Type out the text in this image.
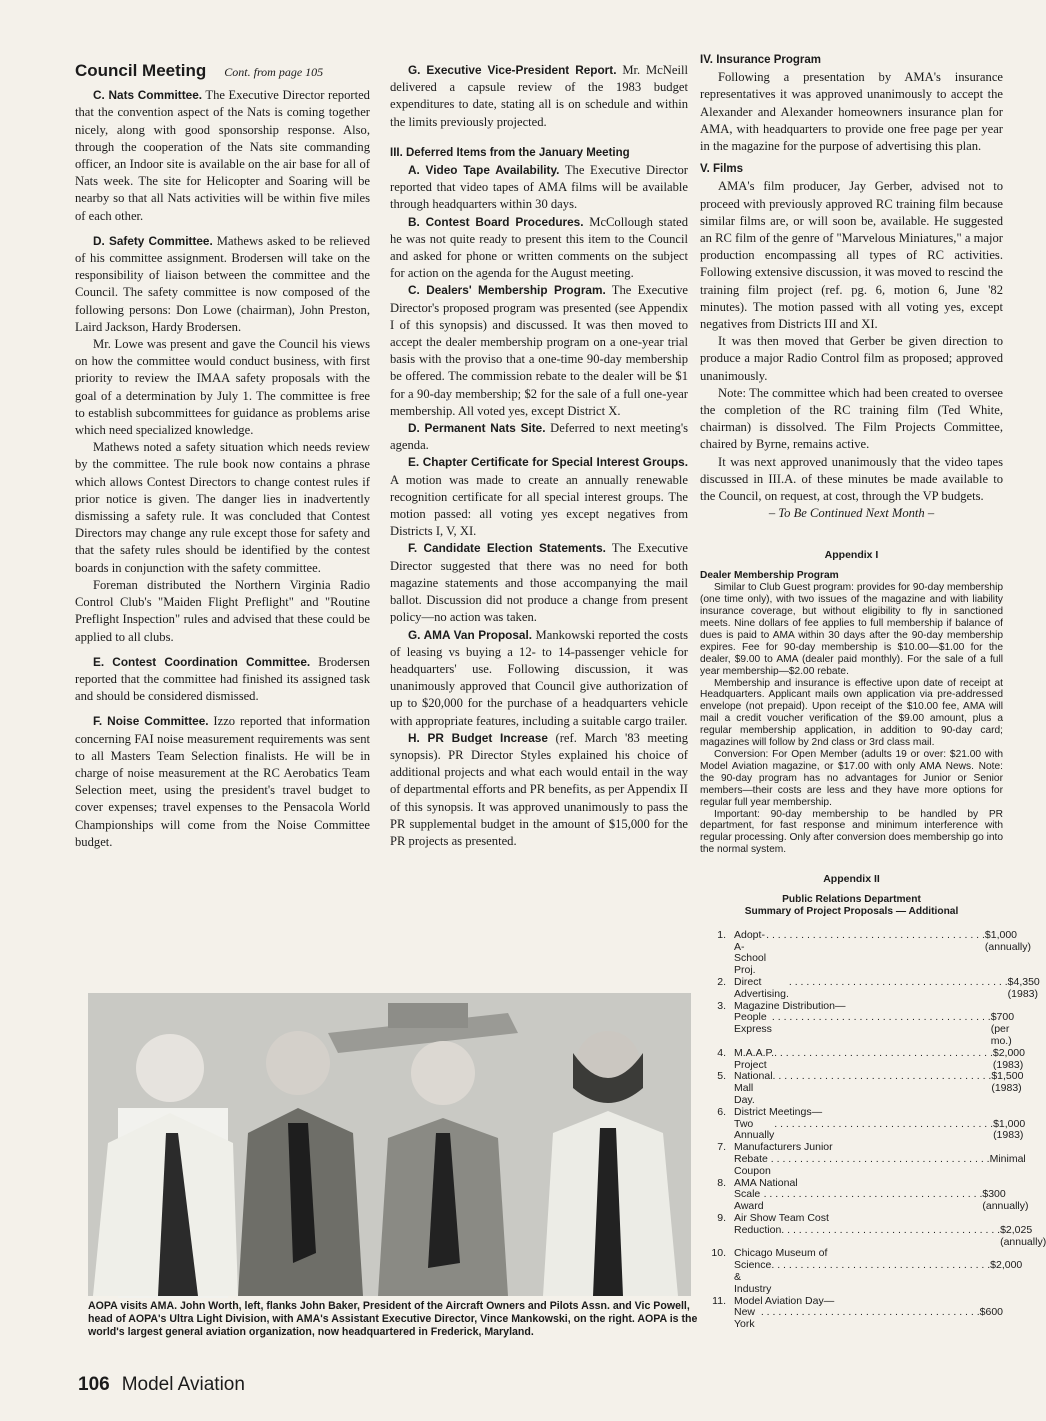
Council Meeting Cont. from page 105

C. Nats Committee. The Executive Director reported that the convention aspect of the Nats is coming together nicely, along with good sponsorship response. Also, through the cooperation of the Nats site commanding officer, an Indoor site is available on the air base for all of Nats week. The site for Helicopter and Soaring will be nearby so that all Nats activities will be within five miles of each other.

D. Safety Committee. Mathews asked to be relieved of his committee assignment. Brodersen will take on the responsibility of liaison between the committee and the Council. The safety committee is now composed of the following persons: Don Lowe (chairman), John Preston, Laird Jackson, Hardy Brodersen.

Mr. Lowe was present and gave the Council his views on how the committee would conduct business, with first priority to review the IMAA safety proposals with the goal of a determination by July 1. The committee is free to establish subcommittees for guidance as problems arise which need specialized knowledge.

Mathews noted a safety situation which needs review by the committee. The rule book now contains a phrase which allows Contest Directors to change contest rules if prior notice is given. The danger lies in inadvertently dismissing a safety rule. It was concluded that Contest Directors may change any rule except those for safety and that the safety rules should be identified by the contest boards in conjunction with the safety committee.

Foreman distributed the Northern Virginia Radio Control Club's "Maiden Flight Preflight" and "Routine Preflight Inspection" rules and advised that these could be applied to all clubs.

E. Contest Coordination Committee. Brodersen reported that the committee had finished its assigned task and should be considered dismissed.

F. Noise Committee. Izzo reported that information concerning FAI noise measurement requirements was sent to all Masters Team Selection finalists. He will be in charge of noise measurement at the RC Aerobatics Team Selection meet, using the president's travel budget to cover expenses; travel expenses to the Pensacola World Championships will come from the Noise Committee budget.

G. Executive Vice-President Report. Mr. McNeill delivered a capsule review of the 1983 budget expenditures to date, stating all is on schedule and within the limits previously projected.

III. Deferred Items from the January Meeting

A. Video Tape Availability. The Executive Director reported that video tapes of AMA films will be available through headquarters within 30 days.

B. Contest Board Procedures. McCollough stated he was not quite ready to present this item to the Council and asked for phone or written comments on the subject for action on the agenda for the August meeting.

C. Dealers' Membership Program. The Executive Director's proposed program was presented (see Appendix I of this synopsis) and discussed. It was then moved to accept the dealer membership program on a one-year trial basis with the proviso that a one-time 90-day membership be offered. The commission rebate to the dealer will be $1 for a 90-day membership; $2 for the sale of a full one-year membership. All voted yes, except District X.

D. Permanent Nats Site. Deferred to next meeting's agenda.

E. Chapter Certificate for Special Interest Groups. A motion was made to create an annually renewable recognition certificate for all special interest groups. The motion passed: all voting yes except negatives from Districts I, V, XI.

F. Candidate Election Statements. The Executive Director suggested that there was no need for both magazine statements and those accompanying the mail ballot. Discussion did not produce a change from present policy—no action was taken.

G. AMA Van Proposal. Mankowski reported the costs of leasing vs buying a 12- to 14-passenger vehicle for headquarters' use. Following discussion, it was unanimously approved that Council give authorization of up to $20,000 for the purchase of a headquarters vehicle with appropriate features, including a suitable cargo trailer.

H. PR Budget Increase (ref. March '83 meeting synopsis). PR Director Styles explained his choice of additional projects and what each would entail in the way of departmental efforts and PR benefits, as per Appendix II of this synopsis. It was approved unanimously to pass the PR supplemental budget in the amount of $15,000 for the PR projects as presented.

IV. Insurance Program

Following a presentation by AMA's insurance representatives it was approved unanimously to accept the Alexander and Alexander homeowners insurance plan for AMA, with headquarters to provide one free page per year in the magazine for the purpose of advertising this plan.

V. Films

AMA's film producer, Jay Gerber, advised not to proceed with previously approved RC training film because similar films are, or will soon be, available. He suggested an RC film of the genre of "Marvelous Miniatures," a major production encompassing all types of RC activities. Following extensive discussion, it was moved to rescind the training film project (ref. pg. 6, motion 6, June '82 minutes). The motion passed with all voting yes, except negatives from Districts III and XI.

It was then moved that Gerber be given direction to produce a major Radio Control film as proposed; approved unanimously.

Note: The committee which had been created to oversee the completion of the RC training film (Ted White, chairman) is dissolved. The Film Projects Committee, chaired by Byrne, remains active.

It was next approved unanimously that the video tapes discussed in III.A. of these minutes be made available to the Council, on request, at cost, through the VP budgets.

– To Be Continued Next Month –

Appendix I

Dealer Membership Program

Similar to Club Guest program: provides for 90-day membership (one time only), with two issues of the magazine and with liability insurance coverage, but without eligibility to fly in sanctioned meets. Nine dollars of fee applies to full membership if balance of dues is paid to AMA within 30 days after the 90-day membership expires. Fee for 90-day membership is $10.00—$1.00 for the dealer, $9.00 to AMA (dealer paid monthly). For the sale of a full year membership—$2.00 rebate.

Membership and insurance is effective upon date of receipt at Headquarters. Applicant mails own application via pre-addressed envelope (not prepaid). Upon receipt of the $10.00 fee, AMA will mail a credit voucher verification of the $9.00 amount, plus a regular membership application, in addition to 90-day card; magazines will follow by 2nd class or 3rd class mail.

Conversion: For Open Member (adults 19 or over: $21.00 with Model Aviation magazine, or $17.00 with only AMA News. Note: the 90-day program has no advantages for Junior or Senior members—their costs are less and they have more options for regular full year membership.

Important: 90-day membership to be handled by PR department, for fast response and minimum interference with regular processing. Only after conversion does membership go into the normal system.

Appendix II
Public Relations Department
Summary of Project Proposals — Additional
1. Adopt-A-School Proj.
. . .
$1,000 (annually)
2. Direct Advertising.
. . .
$4,350 (1983)
3. Magazine Distribution—
People Express
. . .
$700 (per mo.)
4. M.A.A.P. Project
. . .
$2,000 (1983)
5. National Mall Day.
. . .
$1,500 (1983)
6. District Meetings—
Two Annually
. . .
$1,000 (1983)
7. Manufacturers Junior
Rebate Coupon
. . .
Minimal
8. AMA National
Scale Award
. . .
$300 (annually)
9. Air Show Team Cost
Reduction . . .	$2,025 (annually)
10. Chicago Museum of
Science & Industry
. . .
$2,000
11. Model Aviation Day—
New York
. . .
$600
AOPA visits AMA. John Worth, left, flanks John Baker, President of the Aircraft Owners and Pilots Assn. and Vic Powell, head of AOPA's Ultra Light Division, with AMA's Assistant Executive Director, Vince Mankowski, on the right. AOPA is the world's largest general aviation organization, now headquartered in Frederick, Maryland.
106 Model Aviation
